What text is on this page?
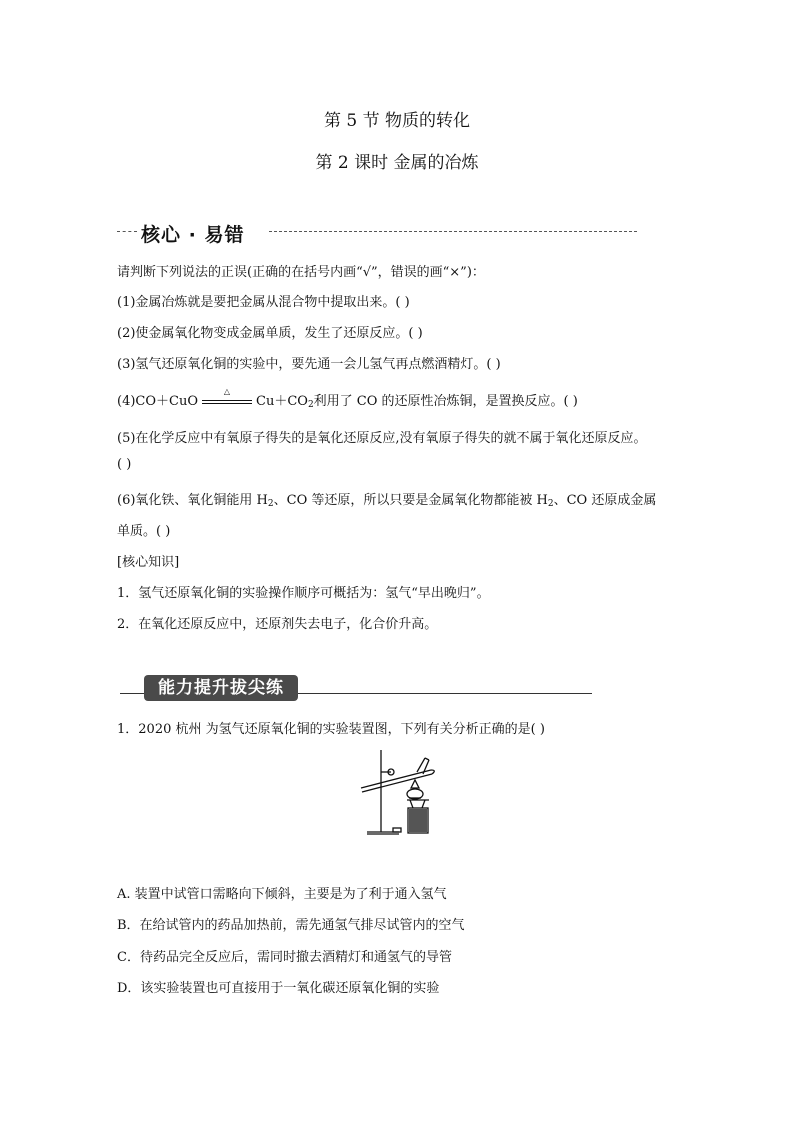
第 5 节 物质的转化
第 2 课时 金属的冶炼
核心 · 易错
请判断下列说法的正误(正确的在括号内画“√”，错误的画“×”)：
(1)金属冶炼就是要把金属从混合物中提取出来。( )
(2)使金属氧化物变成金属单质，发生了还原反应。( )
(3)氢气还原氧化铜的实验中，要先通一会儿氢气再点燃酒精灯。( )
(4)CO＋CuO
△
$Cu+CO_2$利用了 CO 的还原性冶炼铜，是置换反应。( )
(5)在化学反应中有氧原子得失的是氧化还原反应,没有氧原子得失的就不属于氧化还原反应。
( )
(6)氧化铁、氧化铜能用 $H_2$、CO 等还原，所以只要是金属氧化物都能被 $H_2$、CO 还原成金属
单质。( )
[核心知识]
1．氢气还原氧化铜的实验操作顺序可概括为：氢气“早出晚归”。
2．在氧化还原反应中，还原剂失去电子，化合价升高。
能力提升拔尖练
1．2020 杭州 为氢气还原氧化铜的实验装置图，下列有关分析正确的是( )
A. 装置中试管口需略向下倾斜，主要是为了利于通入氢气
B．在给试管内的药品加热前，需先通氢气排尽试管内的空气
C．待药品完全反应后，需同时撤去酒精灯和通氢气的导管
D．该实验装置也可直接用于一氧化碳还原氧化铜的实验
